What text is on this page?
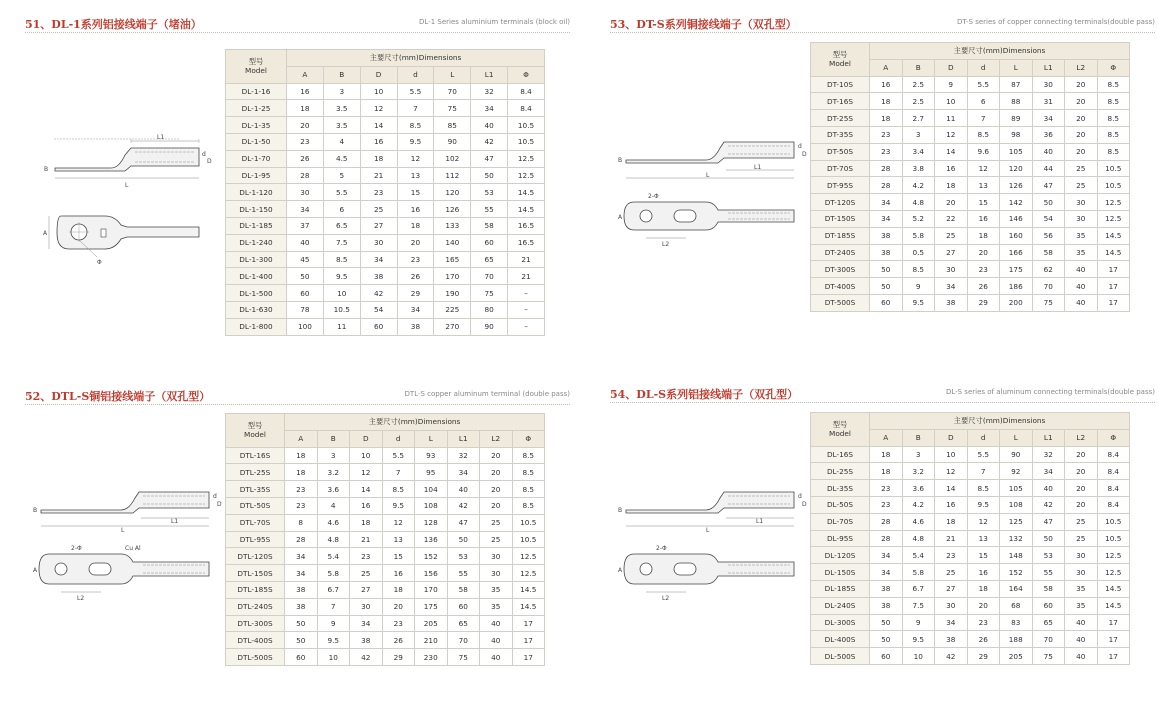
51、DL-1系列铝接线端子（堵油）	DL-1 Series aluminium terminals (block oil)
L1
L
B
d
D
A
Φ
型号
Model	主要尺寸(mm)Dimensions						
	A	B	D	d	L	L1	Φ
DL-1-16	16	3	10	5.5	70	32	8.4
DL-1-25	18	3.5	12	7	75	34	8.4
DL-1-35	20	3.5	14	8.5	85	40	10.5
DL-1-50	23	4	16	9.5	90	42	10.5
DL-1-70	26	4.5	18	12	102	47	12.5
DL-1-95	28	5	21	13	112	50	12.5
DL-1-120	30	5.5	23	15	120	53	14.5
DL-1-150	34	6	25	16	126	55	14.5
DL-1-185	37	6.5	27	18	133	58	16.5
DL-1-240	40	7.5	30	20	140	60	16.5
DL-1-300	45	8.5	34	23	165	65	21
DL-1-400	50	9.5	38	26	170	70	21
DL-1-500	60	10	42	29	190	75	–
DL-1-630	78	10.5	54	34	225	80	–
DL-1-800	100	11	60	38	270	90	–
53、DT-S系列铜接线端子（双孔型）	DT-S series of copper connecting terminals(double pass)
L1
L
B
d
D
2-Φ
A
L2
型号
Model	主要尺寸(mm)Dimensions							
	A	B	D	d	L	L1	L2	Φ
DT-10S	16	2.5	9	5.5	87	30	20	8.5
DT-16S	18	2.5	10	6	88	31	20	8.5
DT-25S	18	2.7	11	7	89	34	20	8.5
DT-35S	23	3	12	8.5	98	36	20	8.5
DT-50S	23	3.4	14	9.6	105	40	20	8.5
DT-70S	28	3.8	16	12	120	44	25	10.5
DT-95S	28	4.2	18	13	126	47	25	10.5
DT-120S	34	4.8	20	15	142	50	30	12.5
DT-150S	34	5.2	22	16	146	54	30	12.5
DT-185S	38	5.8	25	18	160	56	35	14.5
DT-240S	38	0.5	27	20	166	58	35	14.5
DT-300S	50	8.5	30	23	175	62	40	17
DT-400S	50	9	34	26	186	70	40	17
DT-500S	60	9.5	38	29	200	75	40	17
52、DTL-S铜铝接线端子（双孔型）	DTL-S copper aluminum terminal (double pass)
L1
L
B
d
D
Cu Al
2-Φ
A
L2
型号
Model	主要尺寸(mm)Dimensions							
	A	B	D	d	L	L1	L2	Φ
DTL-16S	18	3	10	5.5	93	32	20	8.5
DTL-25S	18	3.2	12	7	95	34	20	8.5
DTL-35S	23	3.6	14	8.5	104	40	20	8.5
DTL-50S	23	4	16	9.5	108	42	20	8.5
DTL-70S	8	4.6	18	12	128	47	25	10.5
DTL-95S	28	4.8	21	13	136	50	25	10.5
DTL-120S	34	5.4	23	15	152	53	30	12.5
DTL-150S	34	5.8	25	16	156	55	30	12.5
DTL-185S	38	6.7	27	18	170	58	35	14.5
DTL-240S	38	7	30	20	175	60	35	14.5
DTL-300S	50	9	34	23	205	65	40	17
DTL-400S	50	9.5	38	26	210	70	40	17
DTL-500S	60	10	42	29	230	75	40	17
54、DL-S系列铝接线端子（双孔型）	DL-S series of aluminum connecting terminals(double pass)
L1
L
B
d
D
2-Φ
A
L2
型号
Model	主要尺寸(mm)Dimensions							
	A	B	D	d	L	L1	L2	Φ
DL-16S	18	3	10	5.5	90	32	20	8.4
DL-25S	18	3.2	12	7	92	34	20	8.4
DL-35S	23	3.6	14	8.5	105	40	20	8.4
DL-50S	23	4.2	16	9.5	108	42	20	8.4
DL-70S	28	4.6	18	12	125	47	25	10.5
DL-95S	28	4.8	21	13	132	50	25	10.5
DL-120S	34	5.4	23	15	148	53	30	12.5
DL-150S	34	5.8	25	16	152	55	30	12.5
DL-185S	38	6.7	27	18	164	58	35	14.5
DL-240S	38	7.5	30	20	68	60	35	14.5
DL-300S	50	9	34	23	83	65	40	17
DL-400S	50	9.5	38	26	188	70	40	17
DL-500S	60	10	42	29	205	75	40	17
